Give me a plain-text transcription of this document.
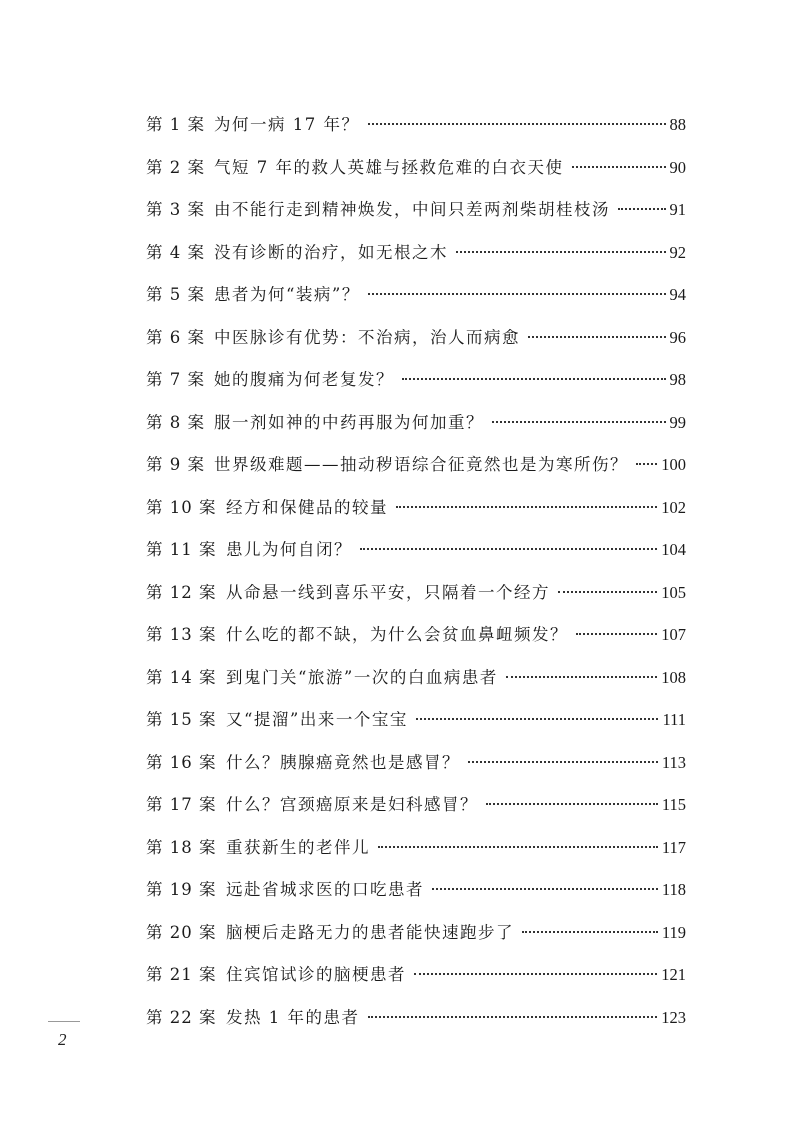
第 1 案 为何一病 17 年？	88
第 2 案 气短 7 年的救人英雄与拯救危难的白衣天使	90
第 3 案 由不能行走到精神焕发，中间只差两剂柴胡桂枝汤	91
第 4 案 没有诊断的治疗，如无根之木	92
第 5 案 患者为何“装病”？	94
第 6 案 中医脉诊有优势：不治病，治人而病愈	96
第 7 案 她的腹痛为何老复发？	98
第 8 案 服一剂如神的中药再服为何加重？	99
第 9 案 世界级难题——抽动秽语综合征竟然也是为寒所伤？ 100
第 10 案 经方和保健品的较量	102
第 11 案 患儿为何自闭？	104
第 12 案 从命悬一线到喜乐平安，只隔着一个经方	105
第 13 案 什么吃的都不缺，为什么会贫血鼻衄频发？	107
第 14 案 到鬼门关“旅游”一次的白血病患者	108
第 15 案 又“提溜”出来一个宝宝	111
第 16 案 什么？胰腺癌竟然也是感冒？	113
第 17 案 什么？宫颈癌原来是妇科感冒？	115
第 18 案 重获新生的老伴儿	117
第 19 案 远赴省城求医的口吃患者	118
第 20 案 脑梗后走路无力的患者能快速跑步了	119
第 21 案 住宾馆试诊的脑梗患者	121
第 22 案 发热 1 年的患者	123
2
